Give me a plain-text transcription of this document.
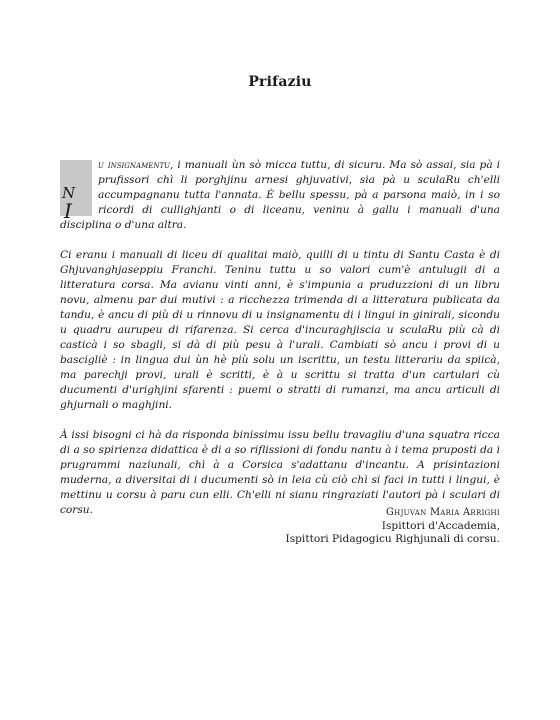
Prifaziu

I
N
u insignamentu, i manuali ùn sò micca tuttu, di sicuru. Ma sò assai, sia pà i prufissori chì li porghjinu arnesi ghjuvativi, sia pà u sculaRu ch'elli accumpagnanu tutta l'annata. È bellu spessu, pà a parsona maiò, in i so ricordi di cullighjanti o di liceanu, veninu à gallu i manuali d'una disciplina o d'una altra.

Ci eranu i manuali di liceu di qualitai maiò, quilli di u tintu di Santu Casta è di Ghjuvanghjaseppiu Franchi. Teninu tuttu u so valori cum'è antulugii di a litteratura corsa. Ma avianu vinti anni, è s'impunia a pruduzzioni di un libru novu, almenu par dui mutivi : a ricchezza trimenda di a litteratura publicata da tandu, è ancu di più di u rinnovu di u insignamentu di i lingui in ginirali, sicondu u quadru aurupeu di rifarenza. Si cerca d'incuraghjiscia u sculaRu più cà di casticà i so sbagli, si dà di più pesu à l'urali. Cambiati sò ancu i provi di u bascigliè : in lingua dui ùn hè più solu un iscrittu, un testu litterariu da spiicà, ma parechji provi, urali è scritti, è à u scrittu si tratta d'un cartulari cù ducumenti d'urighjini sfarenti : puemi o stratti di rumanzi, ma ancu articuli di ghjurnali o maghjini.

À issi bisogni ci hà da risponda binissimu issu bellu travagliu d'una squatra ricca di a so spirienza didattica è di a so riflissioni di fondu nantu à i tema pruposti da i prugrammi naziunali, chì à a Corsica s'adattanu d'incantu. A prisintazioni muderna, a diversitai di i ducumenti sò in leia cù ciò chì si faci in tutti i lingui, è mettinu u corsu à paru cun elli. Ch'elli ni sianu ringraziati l'autori pà i sculari di corsu.	Ghjuvan Maria Arrighi
Ispittori d'Accademia,
Ispittori Pidagogicu Righjunali di corsu.
